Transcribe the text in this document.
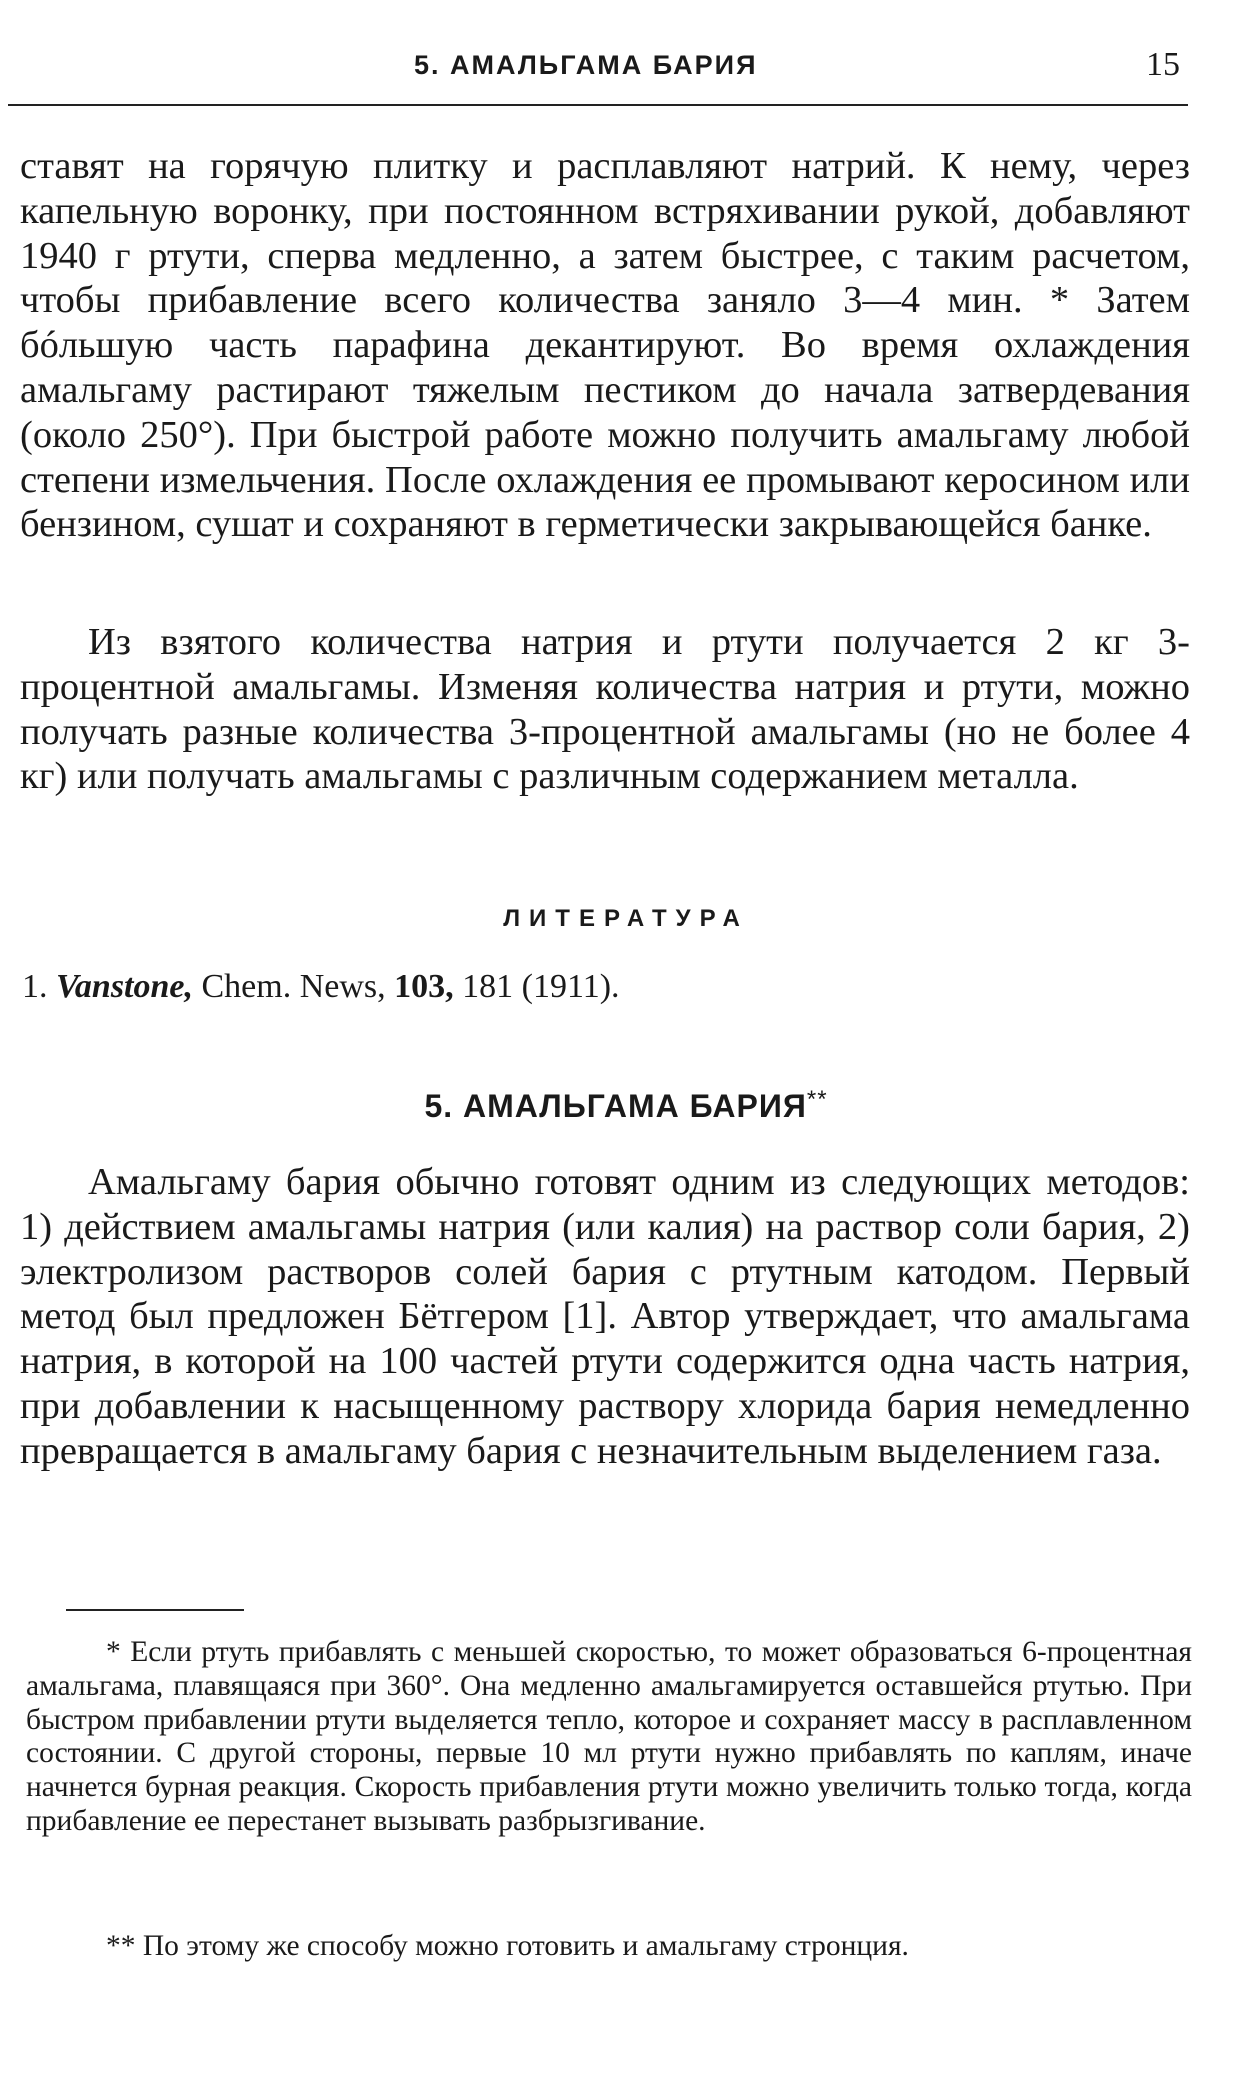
5. АМАЛЬГАМА БАРИЯ	15

ставят на горячую плитку и расплавляют натрий. К нему, через капельную воронку, при постоянном встряхивании рукой, добавляют 1940 г ртути, сперва медленно, а затем быстрее, с таким расчетом, чтобы прибавление всего количества заняло 3—4 мин. * Затем бóльшую часть парафина декантируют. Во время охлаждения амальгаму растирают тяжелым пестиком до начала затвердевания (около 250°). При быстрой работе можно получить амальгаму любой степени измельчения. После охлаждения ее промывают керосином или бензином, сушат и сохраняют в герметически закрывающейся банке.

Из взятого количества натрия и ртути получается 2 кг 3-процентной амальгамы. Изменяя количества натрия и ртути, можно получать разные количества 3-процентной амальгамы (но не более 4 кг) или получать амальгамы с различным содержанием металла.

ЛИТЕРАТУРА
1. Vanstone, Chem. News, 103, 181 (1911).
5. АМАЛЬГАМА БАРИЯ**

Амальгаму бария обычно готовят одним из следующих методов: 1) действием амальгамы натрия (или калия) на раствор соли бария, 2) электролизом растворов солей бария с ртутным катодом. Первый метод был предложен Бётгером [1]. Автор утверждает, что амальгама натрия, в которой на 100 частей ртути содержится одна часть натрия, при добавлении к насыщенному раствору хлорида бария немедленно превращается в амальгаму бария с незначительным выделением газа.

* Если ртуть прибавлять с меньшей скоростью, то может образоваться 6-процентная амальгама, плавящаяся при 360°. Она медленно амальгамируется оставшейся ртутью. При быстром прибавлении ртути выделяется тепло, которое и сохраняет массу в расплавленном состоянии. С другой стороны, первые 10 мл ртути нужно прибавлять по каплям, иначе начнется бурная реакция. Скорость прибавления ртути можно увеличить только тогда, когда прибавление ее перестанет вызывать разбрызгивание.

** По этому же способу можно готовить и амальгаму стронция.
